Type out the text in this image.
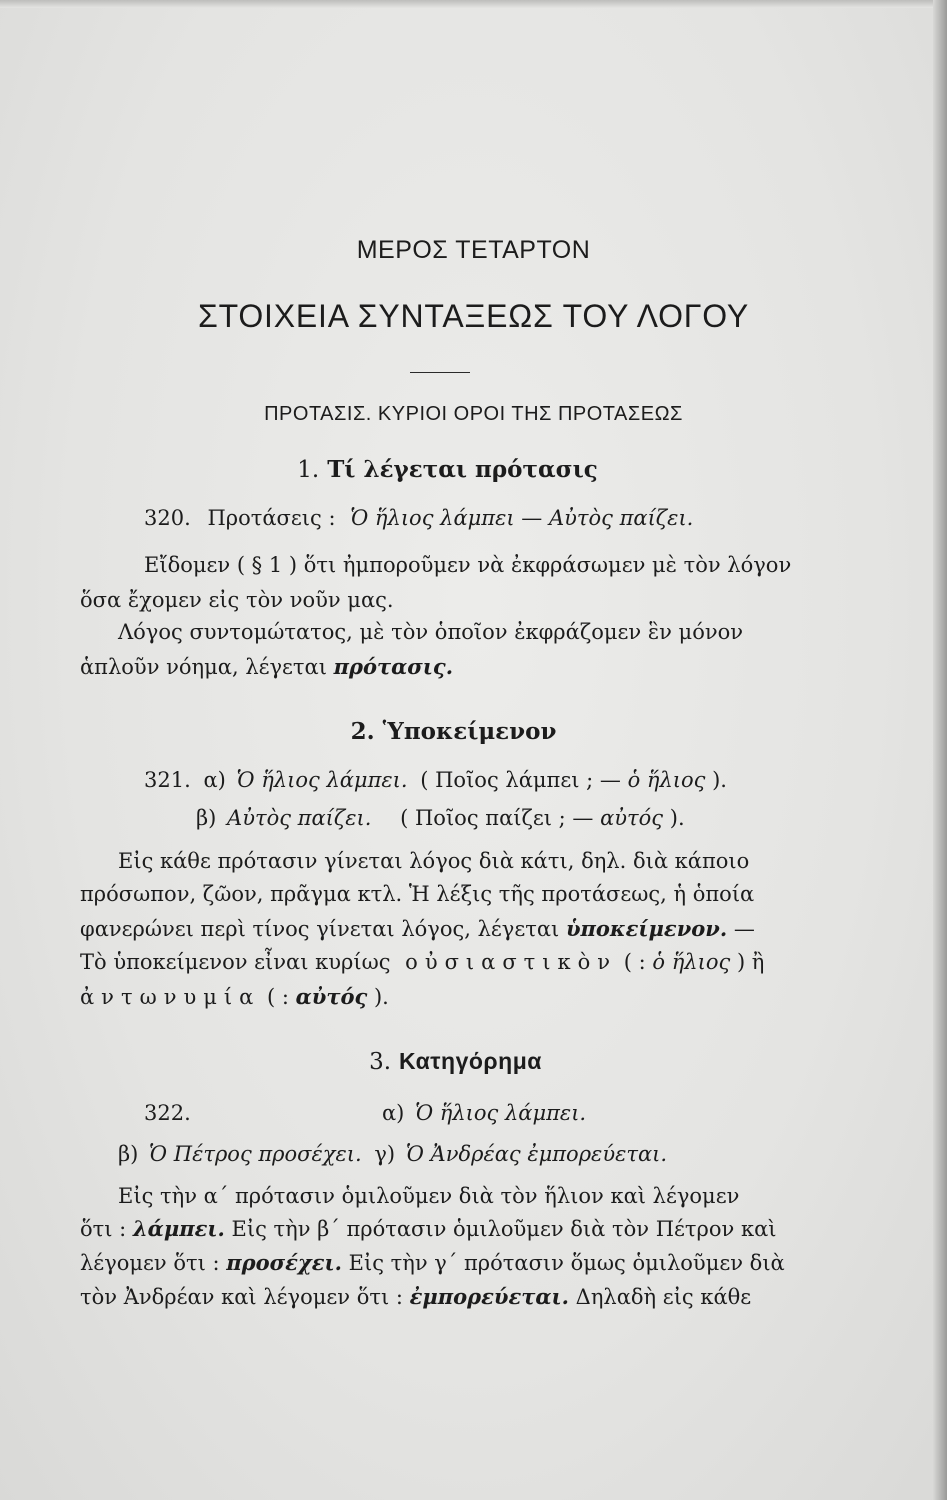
ΜΕΡΟΣ ΤΕΤΑΡΤΟΝ

ΣΤΟΙΧΕΙΑ ΣΥΝΤΑΞΕΩΣ ΤΟΥ ΛΟΓΟΥ

ΠΡΟΤΑΣΙΣ. ΚΥΡΙΟΙ ΟΡΟΙ ΤΗΣ ΠΡΟΤΑΣΕΩΣ

1. Τί λέγεται πρότασις

320. Προτάσεις : Ὁ ἥλιος λάμπει — Αὐτὸς παίζει.

Εἴδομεν ( § 1 ) ὅτι ἠμποροῦμεν νὰ ἐκφράσωμεν μὲ τὸν λόγον

ὅσα ἔχομεν εἰς τὸν νοῦν μας.

Λόγος συντομώτατος, μὲ τὸν ὁποῖον ἐκφράζομεν ἓν μόνον

ἁπλοῦν νόημα, λέγεται πρότασις.

2. Ὑποκείμενον

321. α) Ὁ ἥλιος λάμπει. ( Ποῖος λάμπει ; — ὁ ἥλιος ).

β) Αὐτὸς παίζει. ( Ποῖος παίζει ; — αὐτός ).

Εἰς κάθε πρότασιν γίνεται λόγος διὰ κάτι, δηλ. διὰ κάποιο

πρόσωπον, ζῶον, πρᾶγμα κτλ. Ἡ λέξις τῆς προτάσεως, ἡ ὁποία

φανερώνει περὶ τίνος γίνεται λόγος, λέγεται ὑποκείμενον. —

Τὸ ὑποκείμενον εἶναι κυρίως οὐσιαστικὸν ( : ὁ ἥλιος ) ἢ

ἀντωνυμία ( : αὐτός ).

3. Κατηγόρημα

322.	α) Ὁ ἥλιος λάμπει.

β) Ὁ Πέτρος προσέχει. γ) Ὁ Ἀνδρέας ἐμπορεύεται.

Εἰς τὴν α΄ πρότασιν ὁμιλοῦμεν διὰ τὸν ἥλιον καὶ λέγομεν

ὅτι : λάμπει. Εἰς τὴν β΄ πρότασιν ὁμιλοῦμεν διὰ τὸν Πέτρον καὶ

λέγομεν ὅτι : προσέχει. Εἰς τὴν γ΄ πρότασιν ὅμως ὁμιλοῦμεν διὰ

τὸν Ἀνδρέαν καὶ λέγομεν ὅτι : ἐμπορεύεται. Δηλαδὴ εἰς κάθε
